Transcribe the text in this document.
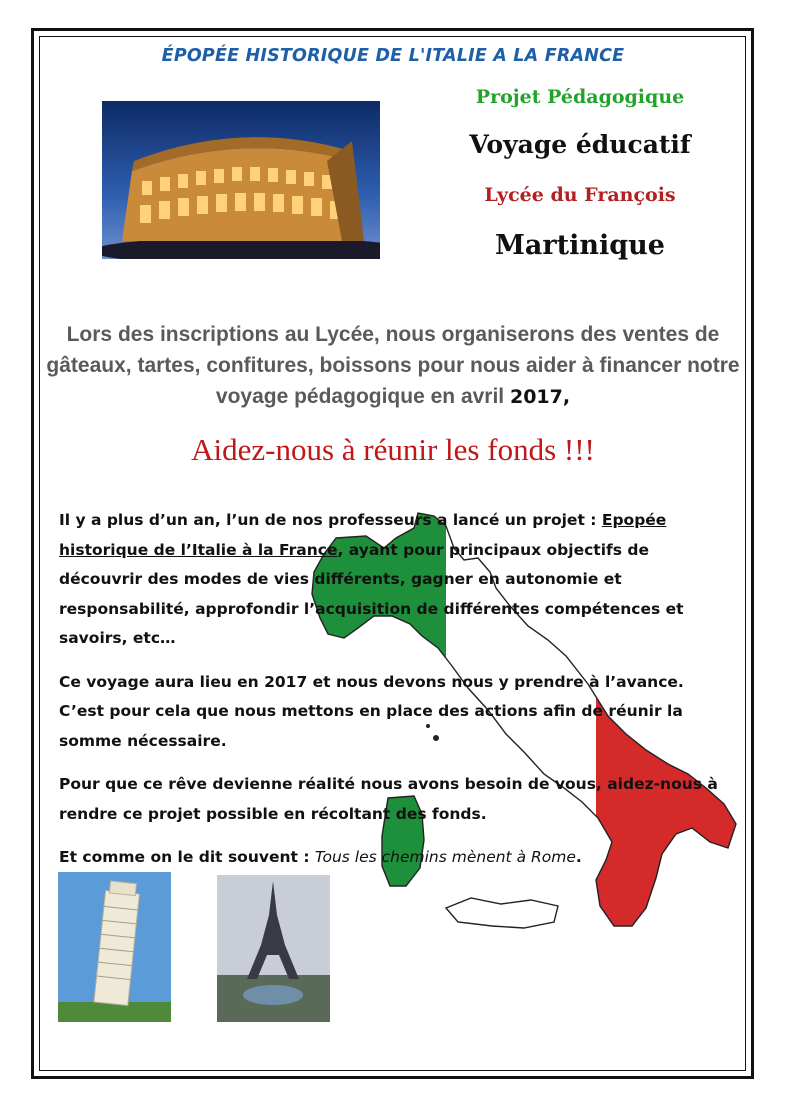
ÉPOPÉE HISTORIQUE DE L'ITALIE A LA FRANCE
Projet Pédagogique
Voyage éducatif
Lycée du François
Martinique
Lors des inscriptions au Lycée, nous organiserons des ventes de gâteaux, tartes, confitures, boissons pour nous aider à financer notre voyage pédagogique en avril 2017,
Aidez-nous à réunir les fonds !!!

Il y a plus d’un an, l’un de nos professeurs a lancé un projet : Epopée historique de l’Italie à la France, ayant pour principaux objectifs de découvrir des modes de vies différents, gagner en autonomie et responsabilité, approfondir l’acquisition de différentes compétences et savoirs, etc…

Ce voyage aura lieu en 2017 et nous devons nous y prendre à l’avance. C’est pour cela que nous mettons en place des actions afin de réunir la somme nécessaire.

Pour que ce rêve devienne réalité nous avons besoin de vous, aidez-nous à rendre ce projet possible en récoltant des fonds.

Et comme on le dit souvent : Tous les chemins mènent à Rome.
